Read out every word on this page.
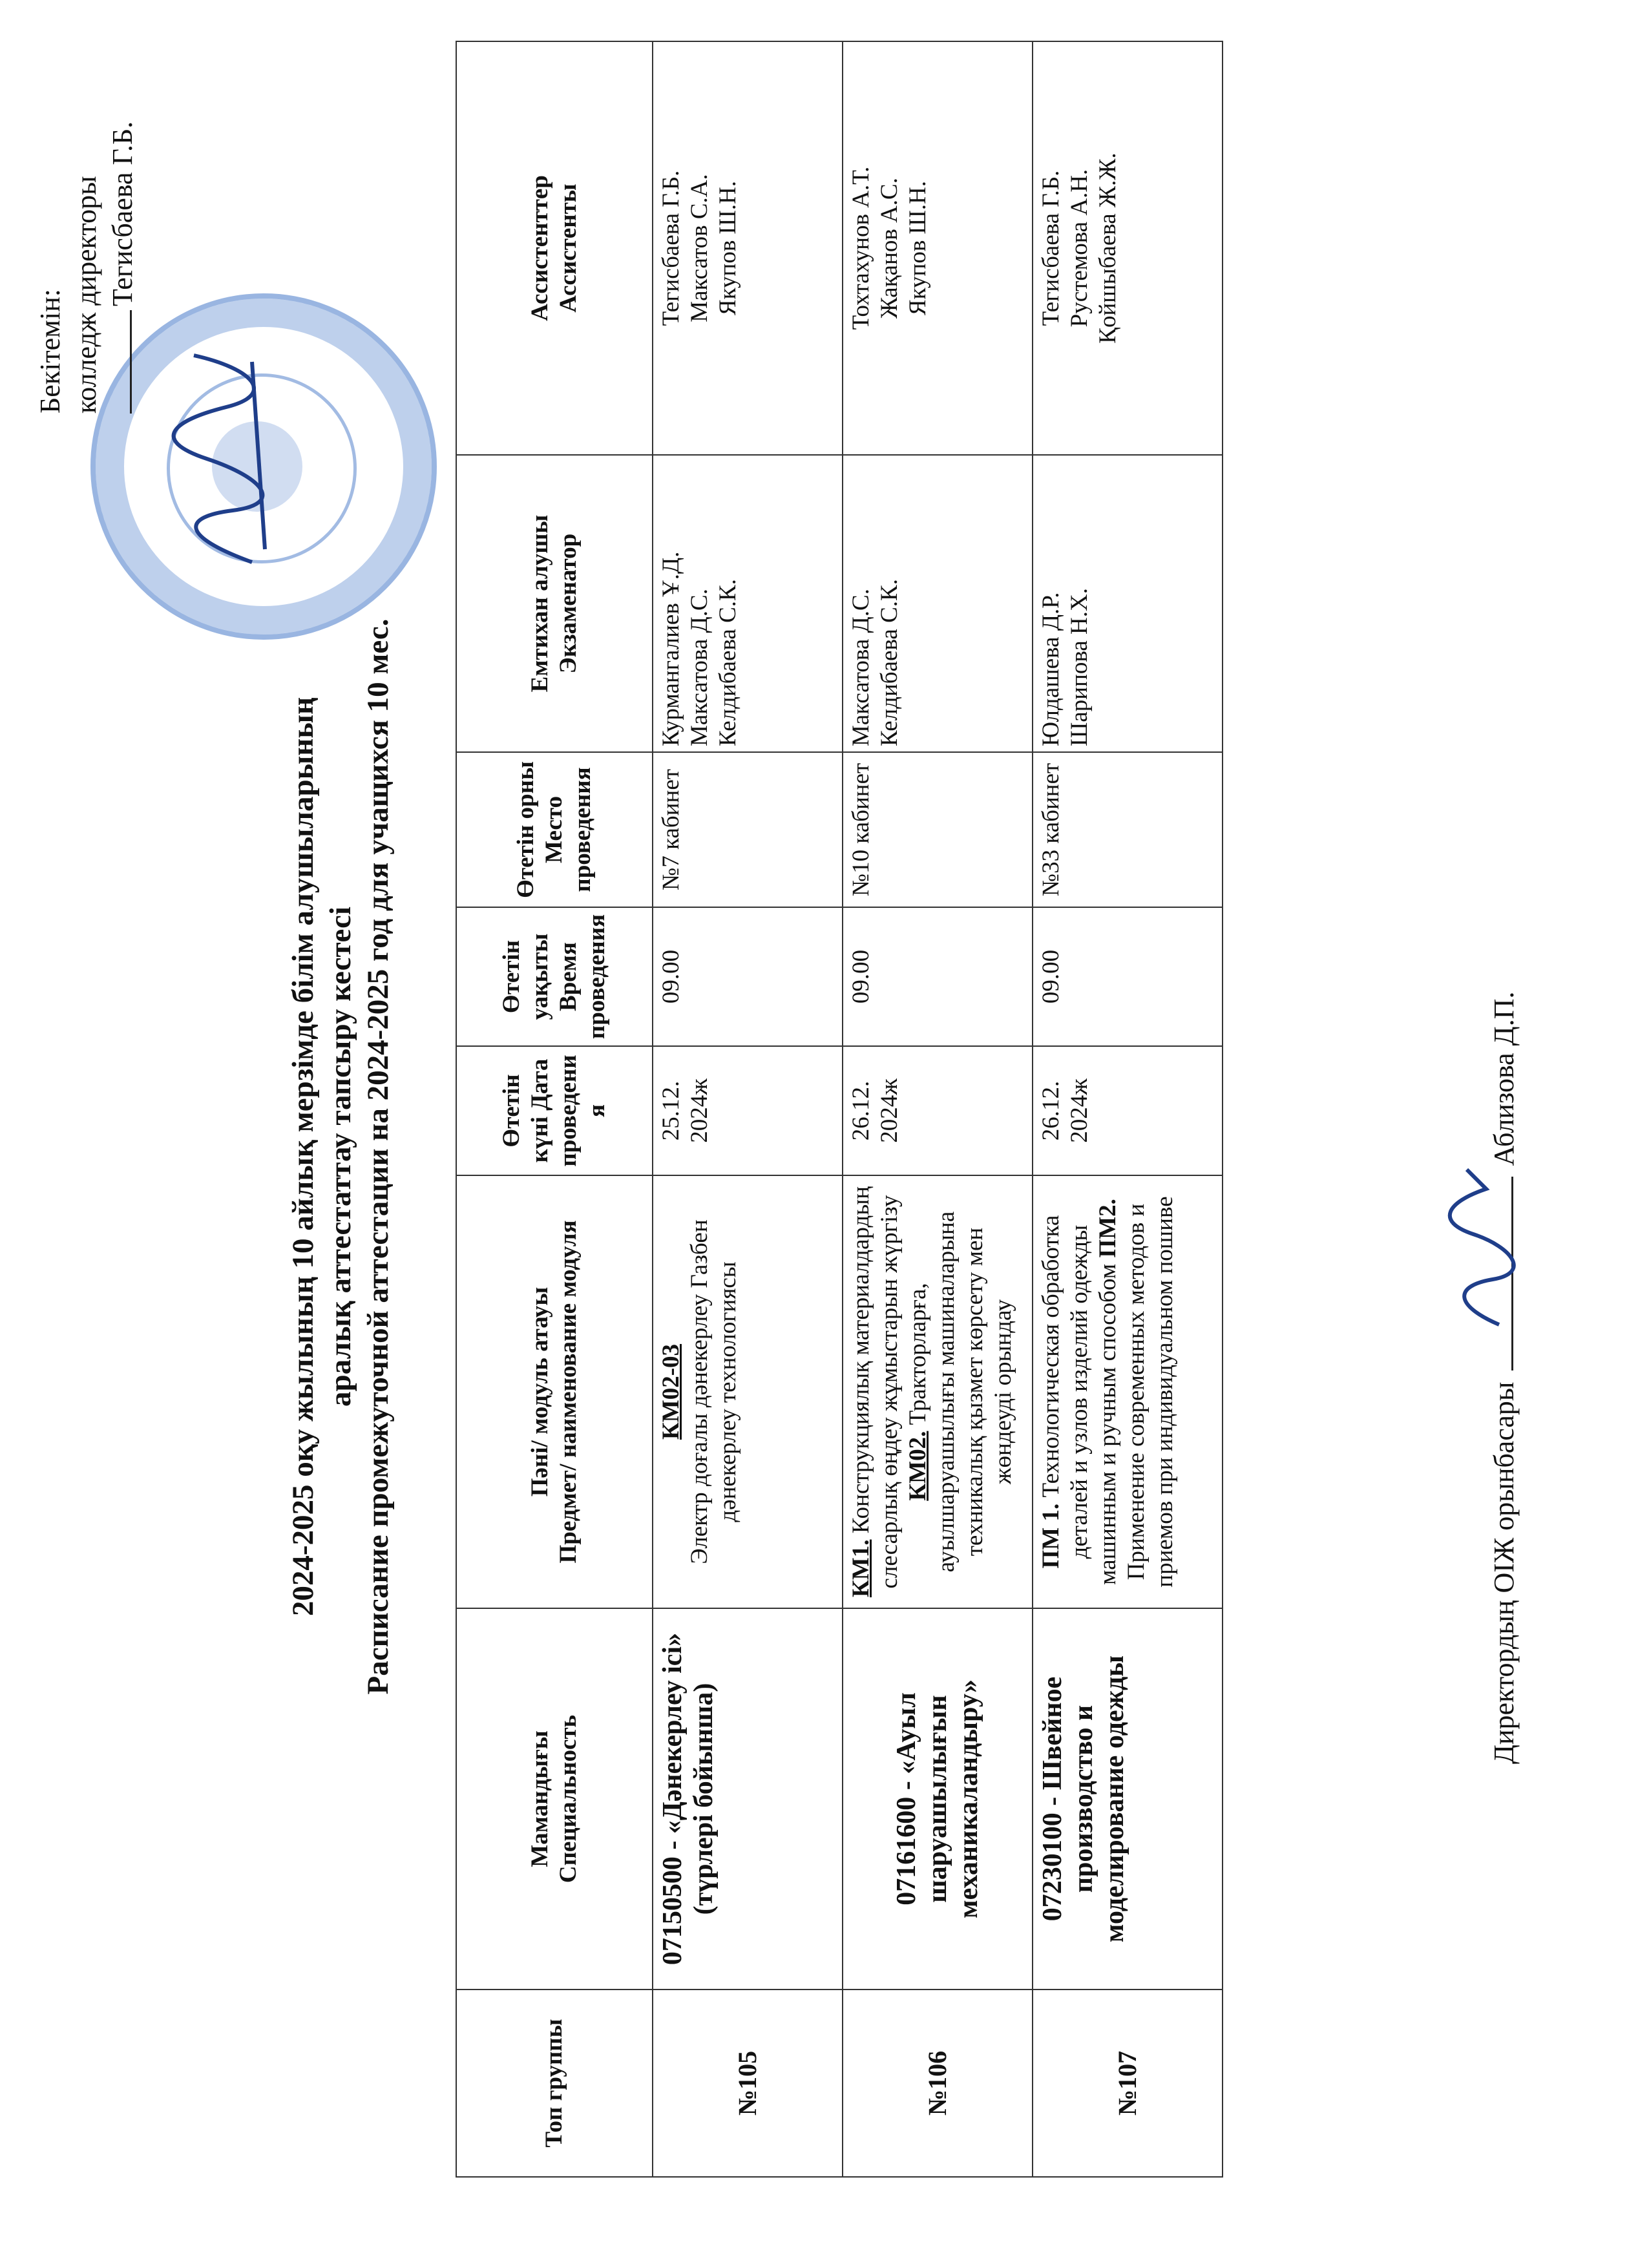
Бекітемін: колледж директоры Тегисбаева Г.Б.
2024-2025 оқу жылының 10 айлық мерзімде білім алушыларының аралық аттестаттау тапсыру кестесі Расписание промежуточной аттестации на 2024-2025 год для учащихся 10 мес.
Топ группы	Мамандығы Специальность	Пәні/ модуль атауы Предмет/ наименование модуля	Өтетін күні Дата проведения	Өтетін уақыты Время проведения	Өтетін орны Место проведения	Емтихан алушы Экзаменатор	Ассистенттер Ассистенты

№105	07150500 - «Дәнекерлеу ісі» (түрлері бойынша)	КМ02-03 Электр доғалы дәнекерлеу Газбен дәнекерлеу технологиясы	25.12. 2024ж	09.00	№7 кабинет	Курмангалиев Ұ.Д. Максатова Д.С. Келдибаева С.К.	Тегисбаева Г.Б. Максатов С.А. Якупов Ш.Н.

№106	07161600 - «Ауыл шаруашылығын механикаландыру»	КМ1. Конструкциялық материалдардың слесарлық өңдеу жұмыстарын жүргізу КМ02. Тракторларға, ауылшаруашылығы машиналарына техникалық қызмет көрсету мен жөндеуді орындау	26.12. 2024ж	09.00	№10 кабинет	Максатова Д.С. Келдибаева С.К.	Тохтахунов А.Т. Жақанов А.С. Якупов Ш.Н.

№107	07230100 - Швейное производство и моделирование одежды	ПМ 1. Технологическая обработка деталей и узлов изделий одежды машинным и ручным способом ПМ2. Применение современных методов и приемов при индивидуальном пошиве	26.12. 2024ж	09.00	№33 кабинет	Юлдашева Д.Р. Шарипова Н.Х.	Тегисбаева Г.Б. Рустемова А.Н. Қойшыбаева Ж.Ж.
Директордың ОІЖ орынбасары  Аблизова Д.П.
